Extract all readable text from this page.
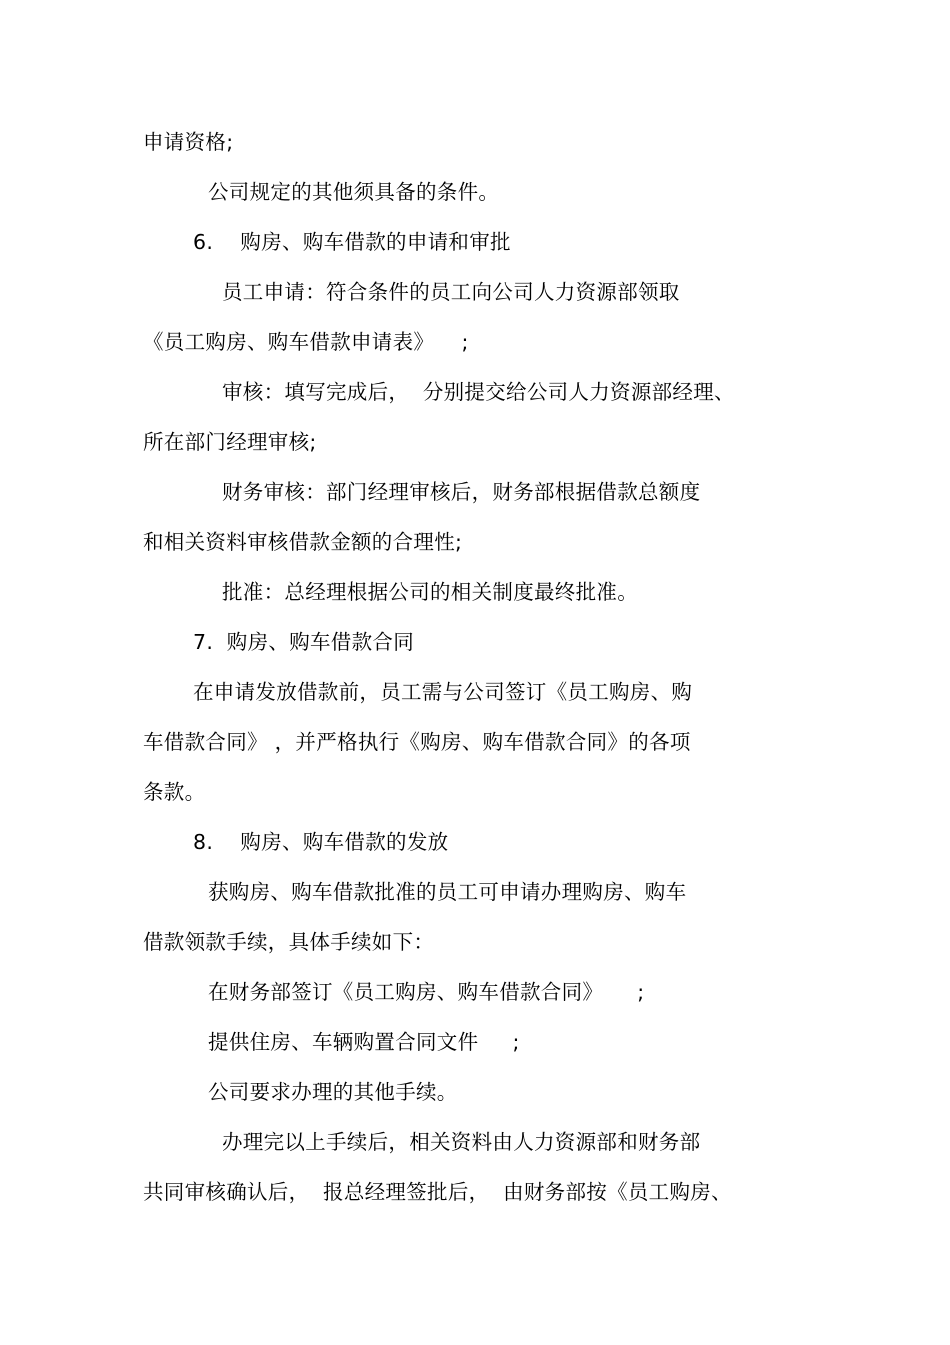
申请资格;
公司规定的其他须具备的条件。
6.    购房、购车借款的申请和审批
员工申请：符合条件的员工向公司人力资源部领取
《员工购房、购车借款申请表》    ;
审核：填写完成后，  分别提交给公司人力资源部经理、
所在部门经理审核;
财务审核：部门经理审核后，财务部根据借款总额度
和相关资料审核借款金额的合理性;
批准：总经理根据公司的相关制度最终批准。
7.  购房、购车借款合同
在申请发放借款前，员工需与公司签订《员工购房、购
车借款合同》 ，并严格执行《购房、购车借款合同》的各项
条款。
8.    购房、购车借款的发放
获购房、购车借款批准的员工可申请办理购房、购车
借款领款手续，具体手续如下：
在财务部签订《员工购房、购车借款合同》     ;
提供住房、车辆购置合同文件     ;
公司要求办理的其他手续。
办理完以上手续后，相关资料由人力资源部和财务部
共同审核确认后，  报总经理签批后，  由财务部按《员工购房、
